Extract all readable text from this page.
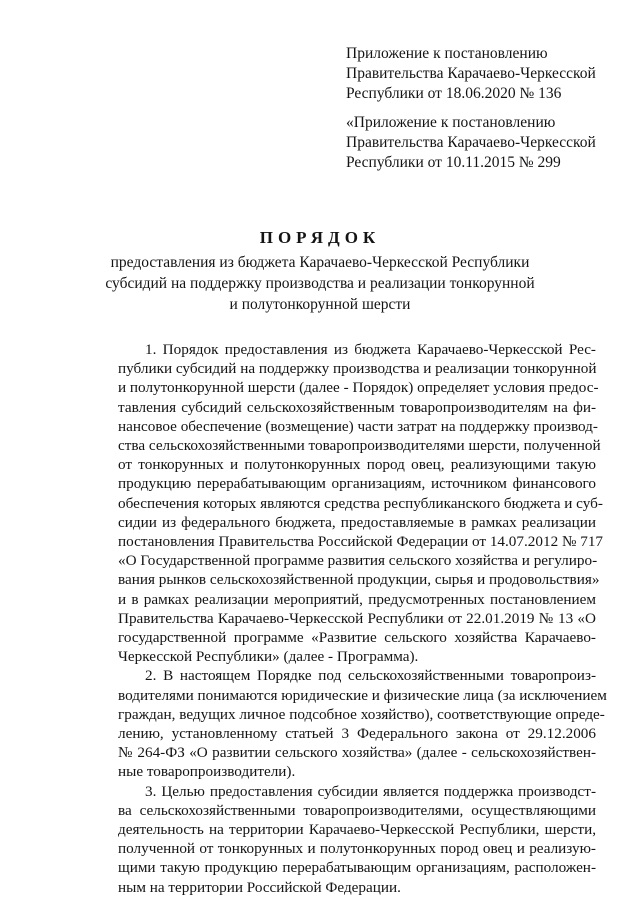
Приложение к постановлению
Правительства Карачаево-Черкесской
Республики от 18.06.2020 № 136
«Приложение к постановлению
Правительства Карачаево-Черкесской
Республики от 10.11.2015 № 299
ПОРЯДОК
предоставления из бюджета Карачаево-Черкесской Республики
субсидий на поддержку производства и реализации тонкорунной
и полутонкорунной шерсти
1. Порядок предоставления из бюджета Карачаево-Черкесской Рес-
публики субсидий на поддержку производства и реализации тонкорунной
и полутонкорунной шерсти (далее - Порядок) определяет условия предос-
тавления субсидий сельскохозяйственным товаропроизводителям на фи-
нансовое обеспечение (возмещение) части затрат на поддержку производ-
ства сельскохозяйственными товаропроизводителями шерсти, полученной
от тонкорунных и полутонкорунных пород овец, реализующими такую
продукцию перерабатывающим организациям, источником финансового
обеспечения которых являются средства республиканского бюджета и суб-
сидии из федерального бюджета, предоставляемые в рамках реализации
постановления Правительства Российской Федерации от 14.07.2012 № 717
«О Государственной программе развития сельского хозяйства и регулиро-
вания рынков сельскохозяйственной продукции, сырья и продовольствия»
и в рамках реализации мероприятий, предусмотренных постановлением
Правительства Карачаево-Черкесской Республики от 22.01.2019 № 13 «О
государственной программе «Развитие сельского хозяйства Карачаево-
Черкесской Республики» (далее - Программа).
2. В настоящем Порядке под сельскохозяйственными товаропроиз-
водителями понимаются юридические и физические лица (за исключением
граждан, ведущих личное подсобное хозяйство), соответствующие опреде-
лению, установленному статьей 3 Федерального закона от 29.12.2006
№ 264-ФЗ «О развитии сельского хозяйства» (далее - сельскохозяйствен-
ные товаропроизводители).
3. Целью предоставления субсидии является поддержка производст-
ва сельскохозяйственными товаропроизводителями, осуществляющими
деятельность на территории Карачаево-Черкесской Республики, шерсти,
полученной от тонкорунных и полутонкорунных пород овец и реализую-
щими такую продукцию перерабатывающим организациям, расположен-
ным на территории Российской Федерации.
